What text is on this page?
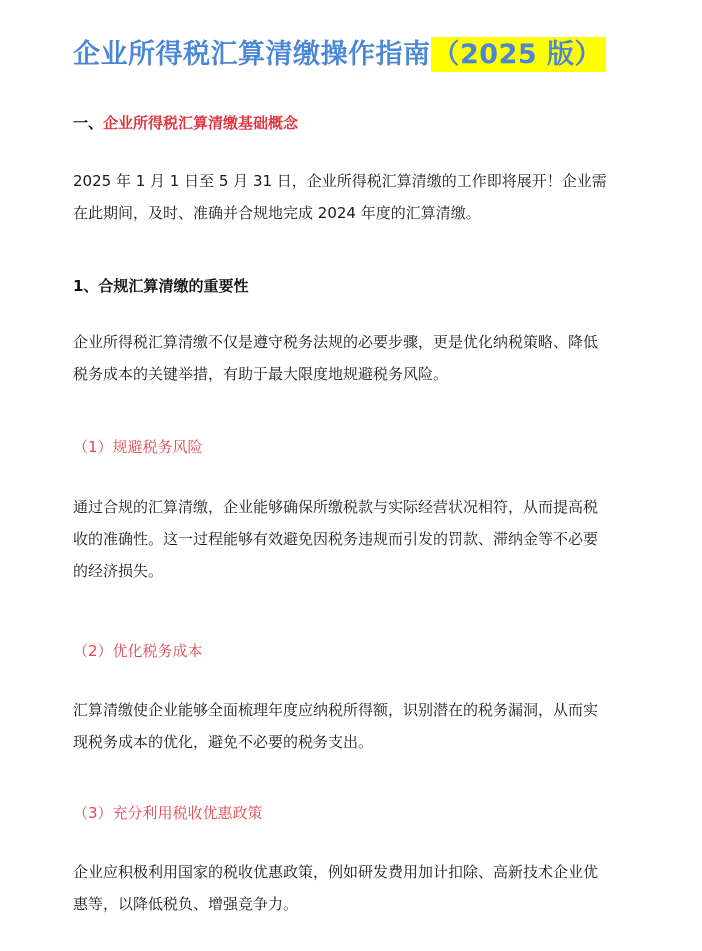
企业所得税汇算清缴操作指南（2025 版）
一、企业所得税汇算清缴基础概念
2025 年 1 月 1 日至 5 月 31 日，企业所得税汇算清缴的工作即将展开！企业需
在此期间，及时、准确并合规地完成 2024 年度的汇算清缴。
1、合规汇算清缴的重要性
企业所得税汇算清缴不仅是遵守税务法规的必要步骤，更是优化纳税策略、降低
税务成本的关键举措，有助于最大限度地规避税务风险。
（1）规避税务风险
通过合规的汇算清缴，企业能够确保所缴税款与实际经营状况相符，从而提高税
收的准确性。这一过程能够有效避免因税务违规而引发的罚款、滞纳金等不必要
的经济损失。
（2）优化税务成本
汇算清缴使企业能够全面梳理年度应纳税所得额，识别潜在的税务漏洞，从而实
现税务成本的优化，避免不必要的税务支出。
（3）充分利用税收优惠政策
企业应积极利用国家的税收优惠政策，例如研发费用加计扣除、高新技术企业优
惠等，以降低税负、增强竞争力。
